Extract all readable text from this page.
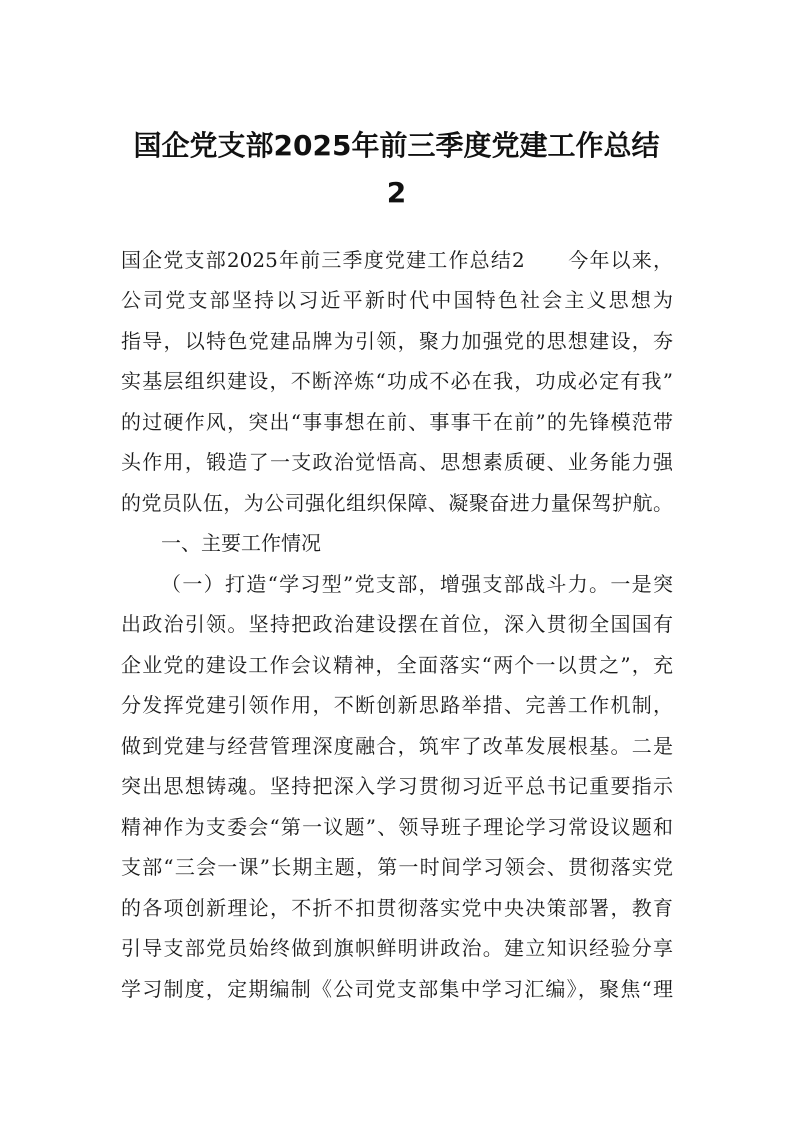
国企党支部2025年前三季度党建工作总结
2
国企党支部2025年前三季度党建工作总结2　　今年以来，
公司党支部坚持以习近平新时代中国特色社会主义思想为
指导，以特色党建品牌为引领，聚力加强党的思想建设，夯
实基层组织建设，不断淬炼“功成不必在我，功成必定有我”
的过硬作风，突出“事事想在前、事事干在前”的先锋模范带
头作用，锻造了一支政治觉悟高、思想素质硬、业务能力强
的党员队伍，为公司强化组织保障、凝聚奋进力量保驾护航。
一、主要工作情况
（一）打造“学习型”党支部，增强支部战斗力。一是突
出政治引领。坚持把政治建设摆在首位，深入贯彻全国国有
企业党的建设工作会议精神，全面落实“两个一以贯之”，充
分发挥党建引领作用，不断创新思路举措、完善工作机制，
做到党建与经营管理深度融合，筑牢了改革发展根基。二是
突出思想铸魂。坚持把深入学习贯彻习近平总书记重要指示
精神作为支委会“第一议题”、领导班子理论学习常设议题和
支部“三会一课”长期主题，第一时间学习领会、贯彻落实党
的各项创新理论，不折不扣贯彻落实党中央决策部署，教育
引导支部党员始终做到旗帜鲜明讲政治。建立知识经验分享
学习制度，定期编制《公司党支部集中学习汇编》，聚焦“理
